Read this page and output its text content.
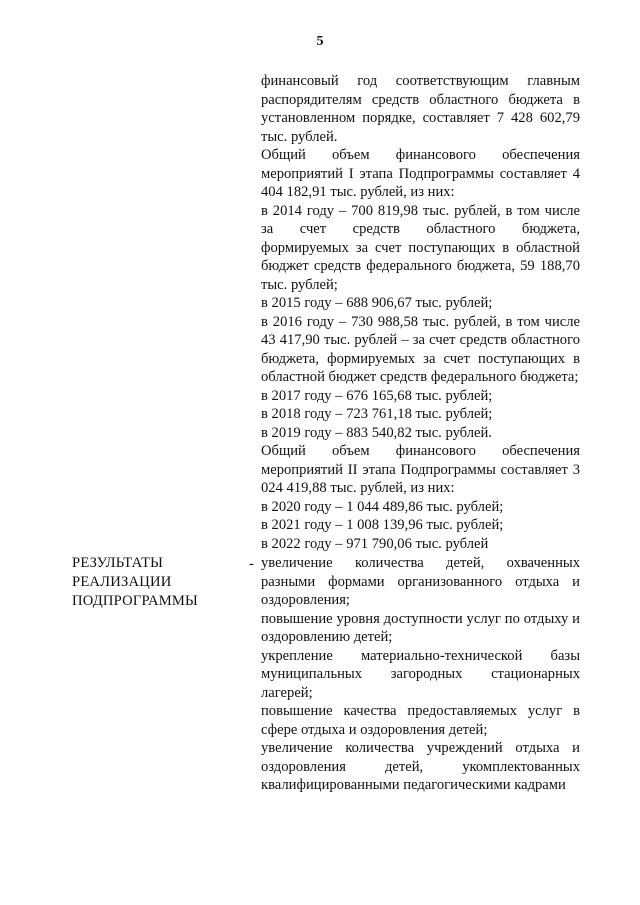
5

финансовый год соответствующим главным распорядителям средств областного бюджета в установленном порядке, составляет 7 428 602,79 тыс. рублей.

Общий объем финансового обеспечения мероприятий I этапа Подпрограммы составляет 4 404 182,91 тыс. рублей, из них:

в 2014 году – 700 819,98 тыс. рублей, в том числе за счет средств областного бюджета, формируемых за счет поступающих в областной бюджет средств федерального бюджета, 59 188,70 тыс. рублей;

в 2015 году – 688 906,67 тыс. рублей;

в 2016 году – 730 988,58 тыс. рублей, в том числе 43 417,90 тыс. рублей – за счет средств областного бюджета, формируемых за счет поступающих в областной бюджет средств федерального бюджета;

в 2017 году – 676 165,68 тыс. рублей;

в 2018 году – 723 761,18 тыс. рублей;

в 2019 году – 883 540,82 тыс. рублей.

Общий объем финансового обеспечения мероприятий II этапа Подпрограммы составляет 3 024 419,88 тыс. рублей, из них:

в 2020 году – 1 044 489,86 тыс. рублей;

в 2021 году – 1 008 139,96 тыс. рублей;

в 2022 году – 971 790,06 тыс. рублей

РЕЗУЛЬТАТЫ
РЕАЛИЗАЦИИ
ПОДПРОГРАММЫ
- увеличение количества детей, охваченных разными формами организованного отдыха и оздоровления;

повышение уровня доступности услуг по отдыху и оздоровлению детей;

укрепление материально-технической базы муниципальных загородных стационарных лагерей;

повышение качества предоставляемых услуг в сфере отдыха и оздоровления детей;

увеличение количества учреждений отдыха и оздоровления детей, укомплектованных квалифицированными педагогическими кадрами
